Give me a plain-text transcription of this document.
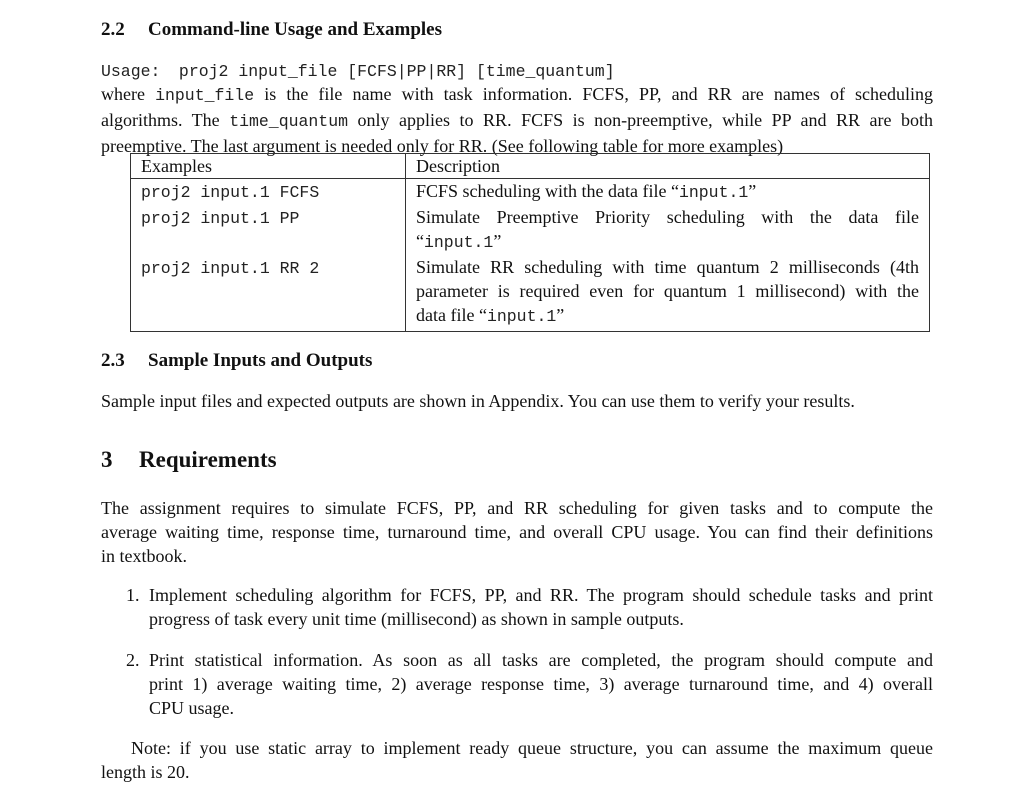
2.2 Command-line Usage and Examples
Usage: proj2 input_file [FCFS|PP|RR] [time_quantum]
where input_file is the file name with task information. FCFS, PP, and RR are names of scheduling
algorithms. The time_quantum only applies to RR. FCFS is non-preemptive, while PP and RR are both
preemptive. The last argument is needed only for RR. (See following table for more examples)
Examples	Description
proj2 input.1 FCFS	FCFS scheduling with the data file “input.1”
proj2 input.1 PP	Simulate Preemptive Priority scheduling with the data file
“input.1”

proj2 input.1 RR 2	Simulate RR scheduling with time quantum 2 milliseconds (4th
parameter is required even for quantum 1 millisecond) with the
data file “input.1”
2.3 Sample Inputs and Outputs
Sample input files and expected outputs are shown in Appendix. You can use them to verify your results.
3 Requirements
The assignment requires to simulate FCFS, PP, and RR scheduling for given tasks and to compute the
average waiting time, response time, turnaround time, and overall CPU usage. You can find their definitions
in textbook.
1. Implement scheduling algorithm for FCFS, PP, and RR. The program should schedule tasks and print
progress of task every unit time (millisecond) as shown in sample outputs.
2. Print statistical information. As soon as all tasks are completed, the program should compute and
print 1) average waiting time, 2) average response time, 3) average turnaround time, and 4) overall
CPU usage.
Note: if you use static array to implement ready queue structure, you can assume the maximum queue
length is 20.
